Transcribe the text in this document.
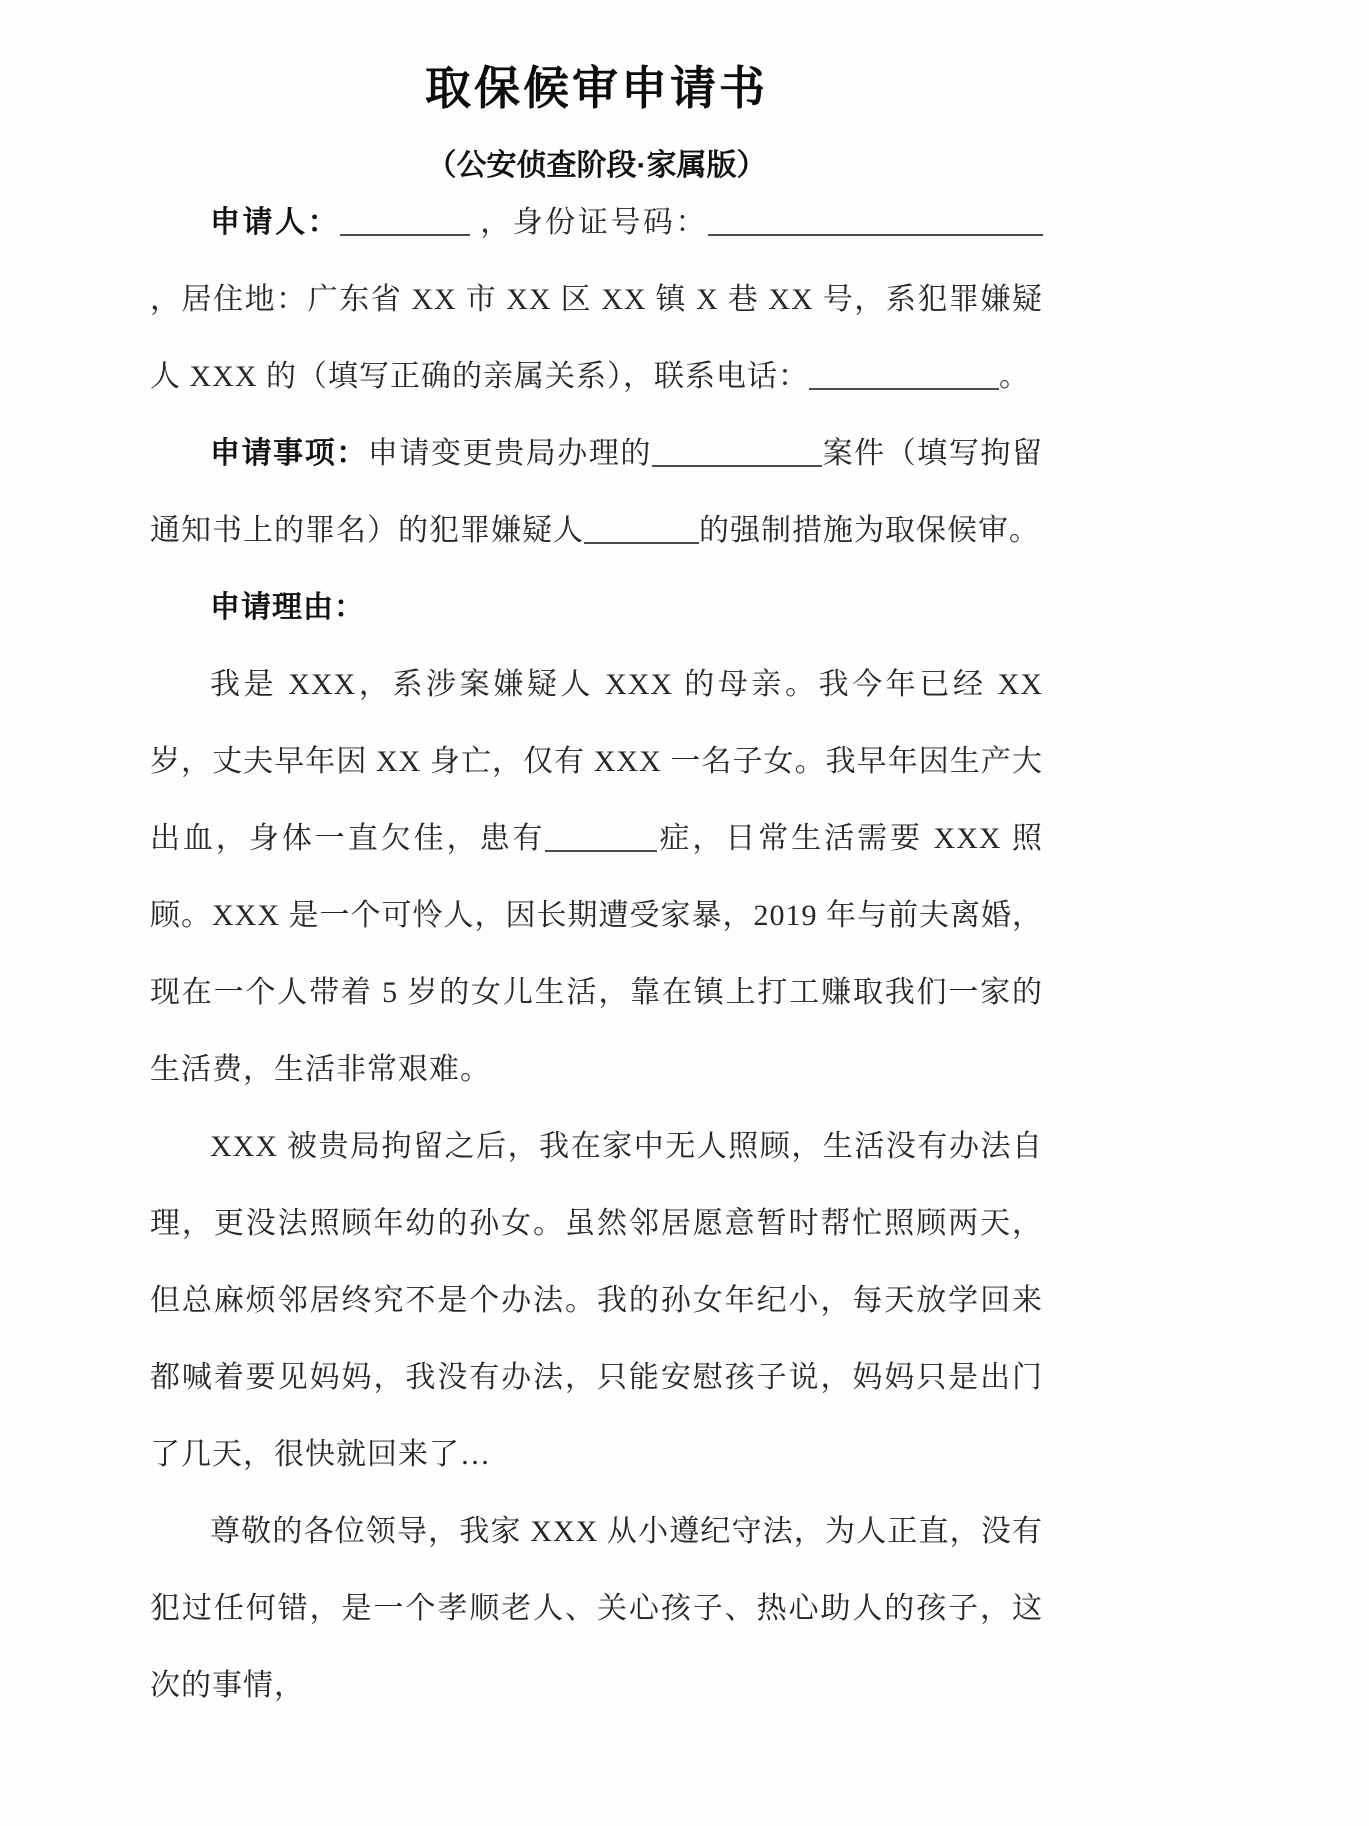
取保候审申请书
（公安侦查阶段·家属版）

申请人：	，身份证号码：，居住地：广东省 XX 市 XX 区 XX 镇 X 巷 XX 号，系犯罪嫌疑人 XXX 的（填写正确的亲属关系），联系电话：	。

申请事项：申请变更贵局办理的	案件（填写拘留通知书上的罪名）的犯罪嫌疑人	的强制措施为取保候审。

申请理由：

我是 XXX，系涉案嫌疑人 XXX 的母亲。我今年已经 XX 岁，丈夫早年因 XX 身亡，仅有 XXX 一名子女。我早年因生产大出血，身体一直欠佳，患有	症，日常生活需要 XXX 照顾。XXX 是一个可怜人，因长期遭受家暴，2019 年与前夫离婚，现在一个人带着 5 岁的女儿生活，靠在镇上打工赚取我们一家的生活费，生活非常艰难。

XXX 被贵局拘留之后，我在家中无人照顾，生活没有办法自理，更没法照顾年幼的孙女。虽然邻居愿意暂时帮忙照顾两天，但总麻烦邻居终究不是个办法。我的孙女年纪小，每天放学回来都喊着要见妈妈，我没有办法，只能安慰孩子说，妈妈只是出门了几天，很快就回来了…

尊敬的各位领导，我家 XXX 从小遵纪守法，为人正直，没有犯过任何错，是一个孝顺老人、关心孩子、热心助人的孩子，这次的事情，
